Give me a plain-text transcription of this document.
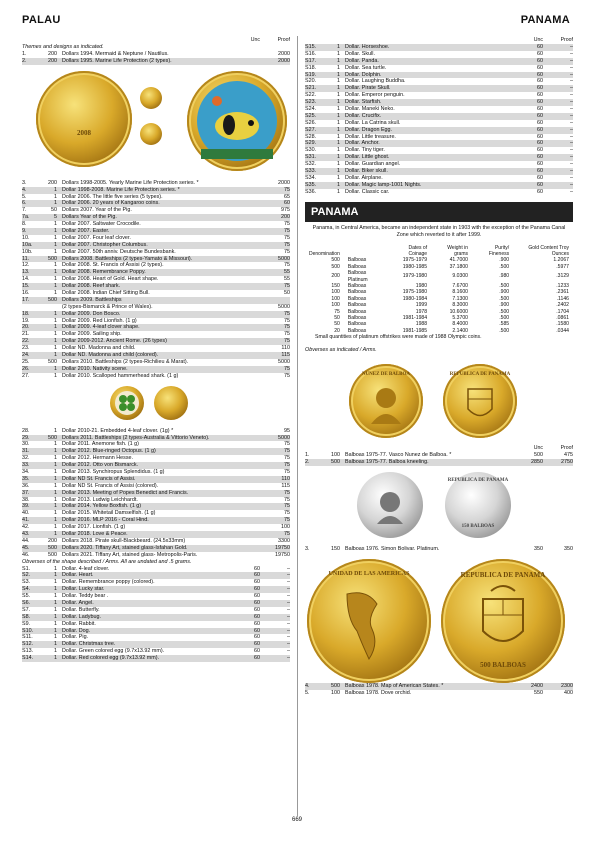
PALAU	PANAMA
Unc	Proof
Themes and designs as indicated.
1.	200 Dollars 1994. Mermaid & Neptune / Nautilus.	2000
2.	200 Dollars 1995. Marine Life Protection (2 types).	2000
2008
3.	200 Dollars 1998-2005. Yearly Marine Life Protection series. *	2000
4.	1 Dollar 1998-2008. Marine Life Protection series. *	75
5.	1 Dollar 2006. The little five series (5 types).	65
6.	1 Dollar 2006. 20 years of Kangaroo coins.	60
7.	50 Dollars 2007. Year of the Pig.	975
7a.	5 Dollars Year of the Pig.	200
8.	1 Dollar 2007. Saltwater Crocodile.	75
9.	1 Dollar 2007. Easter.	75
10.	1 Dollar 2007. Four leaf clover.	75
10a.	1 Dollar 2007. Christopher Columbus.	75
10b.	1 Dollar 2007. 50th anniv. Deutsche Bundesbank.	75
11.	500 Dollars 2008. Battleships (2 types-Yamato & Missouri).	5000
12.	1 Dollar 2008. St. Francis of Assisi (2 types).	75
13.	1 Dollar 2008. Remembrance Poppy.	55
14.	1 Dollar 2008. Heart of Gold. Heart shape.	55
15.	1 Dollar 2008. Reef shark.	75
16.	1 Dollar 2008. Indian Chief Sitting Bull.	50
17.	500 Dollars 2009. Battleships
(2 types-Bismarck & Prince of Wales).	5000
18.	1 Dollar 2009. Don Bosco.	75
19.	1 Dollar 2009. Red Lionfish. (1 g)	75
20.	1 Dollar 2009. 4-leaf clover shape.	75
21.	1 Dollar 2009. Sailing ship.	75
22.	1 Dollar 2009-2012. Ancient Rome. (26 types)	75
23.	1 Dollar ND. Madonna and child.	110
24.	1 Dollar ND. Madonna and child (colored).	115
25.	500 Dollars 2010. Battleships (2 types-Richilieu & Marat).	5000
26.	1 Dollar 2010. Nativity scene.	75
27.	1 Dollar 2010. Scalloped hammerhead shark. (1 g)	75
28.	1 Dollar 2010-21. Embedded 4-leaf clover. (1g) *	95
29.	500 Dollars 2011. Battleships (2 types-Australia & Vittorio Veneto).	5000
30.	1 Dollar 2011. Anemone fish. (1 g)	75
31.	1 Dollar 2012. Blue-ringed Octopus. (1 g)	75
32.	1 Dollar 2012. Hermann Hesse.	75
33.	1 Dollar 2012. Otto von Bismarck.	75
34.	1 Dollar 2013. Synchiropus Splendidus. (1 g)	75
35.	1 Dollar ND St. Francis of Assisi.	110
36.	1 Dollar ND St. Francis of Assisi (colored).	115
37.	1 Dollar 2013. Meeting of Popes Benedict and Francis.	75
38.	1 Dollar 2013. Ludwig Leichhardt.	75
39.	1 Dollar 2014. Yellow Boxfish. (1 g)	75
40.	1 Dollar 2015. Whitetail Damselfish. (1 g)	75
41.	1 Dollar 2016. MLP 2016 - Coral Hind.	75
42.	1 Dollar 2017. Lionfish. (1 g)	100
43.	1 Dollar 2018. Love & Peace.	75
44.	200 Dollars 2018. Pirate skull-Blackbeard. (24.5x33mm)	3300
45.	500 Dollars 2020. Tiffany Art, stained glass-Isfahan Gold.	19750
46.	500 Dollars 2021. Tiffany Art, stained glass- Metropolis-Paris.	19750
Obverses of the shape described / Arms. All are undated and .5 grams.
S1.	1 Dollar. 4-leaf clover.	60	–
S2.	1 Dollar. Heart.	60	–
S3.	1 Dollar. Remembrance poppy (colored).	60	–
S4.	1 Dollar. Lucky star.	60	–
S5.	1 Dollar. Teddy bear .	60	–
S6.	1 Dollar. Angel.	60	–
S7.	1 Dollar. Butterfly.	60	–
S8.	1 Dollar. Ladybug.	60	–
S9.	1 Dollar. Rabbit.	60	–
S10.	1 Dollar. Dog.	60	–
S11.	1 Dollar. Pig.	60	–
S12.	1 Dollar. Christmas tree.	60	–
S13.	1 Dollar. Green colored egg (9.7x13.92 mm).	60	–
S14.	1 Dollar. Red colored egg (9.7x13.92 mm).	60	–
Unc	Proof
S15.	1 Dollar. Horseshoe.	60	–
S16.	1 Dollar. Skull.	60	–
S17.	1 Dollar. Panda.	60	–
S18.	1 Dollar. Sea turtle.	60	–
S19.	1 Dollar. Dolphin.	60	–
S20.	1 Dollar. Laughing Buddha.	60	–
S21.	1 Dollar. Pirate Skull.	60	–
S22.	1 Dollar. Emperor penguin.	60	–
S23.	1 Dollar. Starfish.	60	–
S24.	1 Dollar. Maneki Neko.	60	–
S25.	1 Dollar. Crucifix.	60	–
S26.	1 Dollar. La Catrina skull.	60	–
S27.	1 Dollar. Dragon Egg.	60	–
S28.	1 Dollar. Little treasure.	60	–
S29.	1 Dollar. Anchor.	60	–
S30.	1 Dollar. Tiny tiger.	60	–
S31.	1 Dollar. Little ghost.	60	–
S32.	1 Dollar. Guardian angel.	60	–
S33.	1 Dollar. Biker skull.	60	–
S34.	1 Dollar. Airplane.	60	–
S35.	1 Dollar. Magic lamp-1001 Nights.	60	–
S36.	1 Dollar. Classic car.	60	–
PANAMA
Panama, in Central America, became an independent state in 1903 with the exception of the Panama Canal Zone which reverted to it after 1999.
Denomination		Dates of Coinage	Weight in grams	Purity/ Fineness	Gold Content Troy Ounces
500	Balboas	1975-1979	41.7000	.900	1.2067
500	Balboas	1980-1985	37.1800	.500	.5977
200	Balboas Platinum	1979-1980	9.0300	.980	.3129
150	Balboas	1980	7.6700	.500	.1233
100	Balboas	1975-1980	8.1600	.900	.2361
100	Balboas	1980-1984	7.1300	.500	.1146
100	Balboas	1999	8.3000	.900	.2402
75	Balboas	1978	10.6000	.500	.1704
50	Balboas	1981-1984	5.3700	.500	.0861
50	Balboas	1988	8.4000	.585	.1580
20	Balboas	1981-1985	2.1400	.500	.0344
Small quantities of platinum offstrikes were made of 1988 Olympic coins.
Obverses as indicated / Arms.
NUNEZ DE BALBOA	REPUBLICA DE PANAMA
Unc	Proof
1.	100 Balboas 1975-77. Vasco Nunez de Balboa. *	500	475
2.	500 Balboas 1975-77. Balboa kneeling.	2850	2750
REPUBLICA DE PANAMA
150 BALBOAS
3.	150 Balboas 1976. Simon Bolivar. Platinum.	350	350
UNIDAD DE LAS AMERICAS	REPUBLICA DE PANAMA
500 BALBOAS
4.	500 Balboas 1978. Map of American States. *	2400	2300
5.	100 Balboas 1978. Dove orchid.	550	400
669
